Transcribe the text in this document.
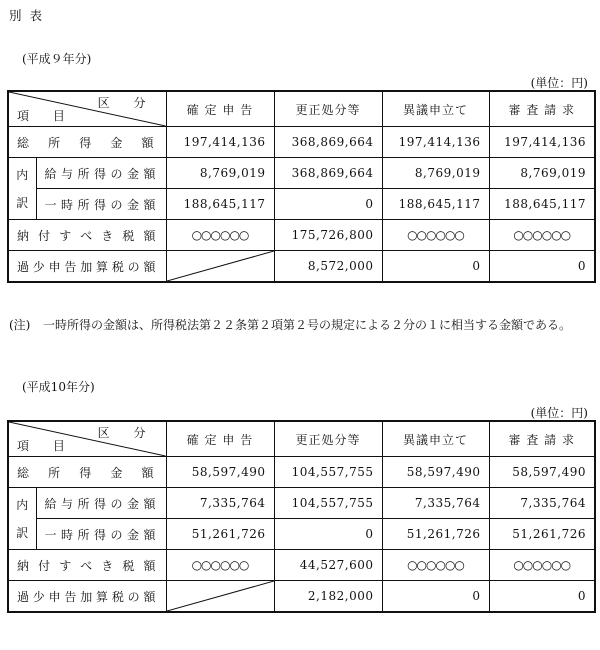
別 表
(平成９年分)
(単位：円)
区 分
項 目		確 定 申 告	更正処分等	異議申立て	審 査 請 求
総所得金額		197,414,136	368,869,664	197,414,136	197,414,136
内訳	給与所得の金額	8,769,019	368,869,664	8,769,019	8,769,019
	一時所得の金額	188,645,117	0	188,645,117	188,645,117
納付すべき税額		○○○○○○	175,726,800	○○○○○○	○○○○○○
過少申告加算税の額			8,572,000	0	0
(注) 一時所得の金額は、所得税法第２２条第２項第２号の規定による２分の１に相当する金額である。
(平成10年分)
(単位：円)
区 分
項 目		確 定 申 告	更正処分等	異議申立て	審 査 請 求
総所得金額		58,597,490	104,557,755	58,597,490	58,597,490
内訳	給与所得の金額	7,335,764	104,557,755	7,335,764	7,335,764
	一時所得の金額	51,261,726	0	51,261,726	51,261,726
納付すべき税額		○○○○○○	44,527,600	○○○○○○	○○○○○○
過少申告加算税の額			2,182,000	0	0
